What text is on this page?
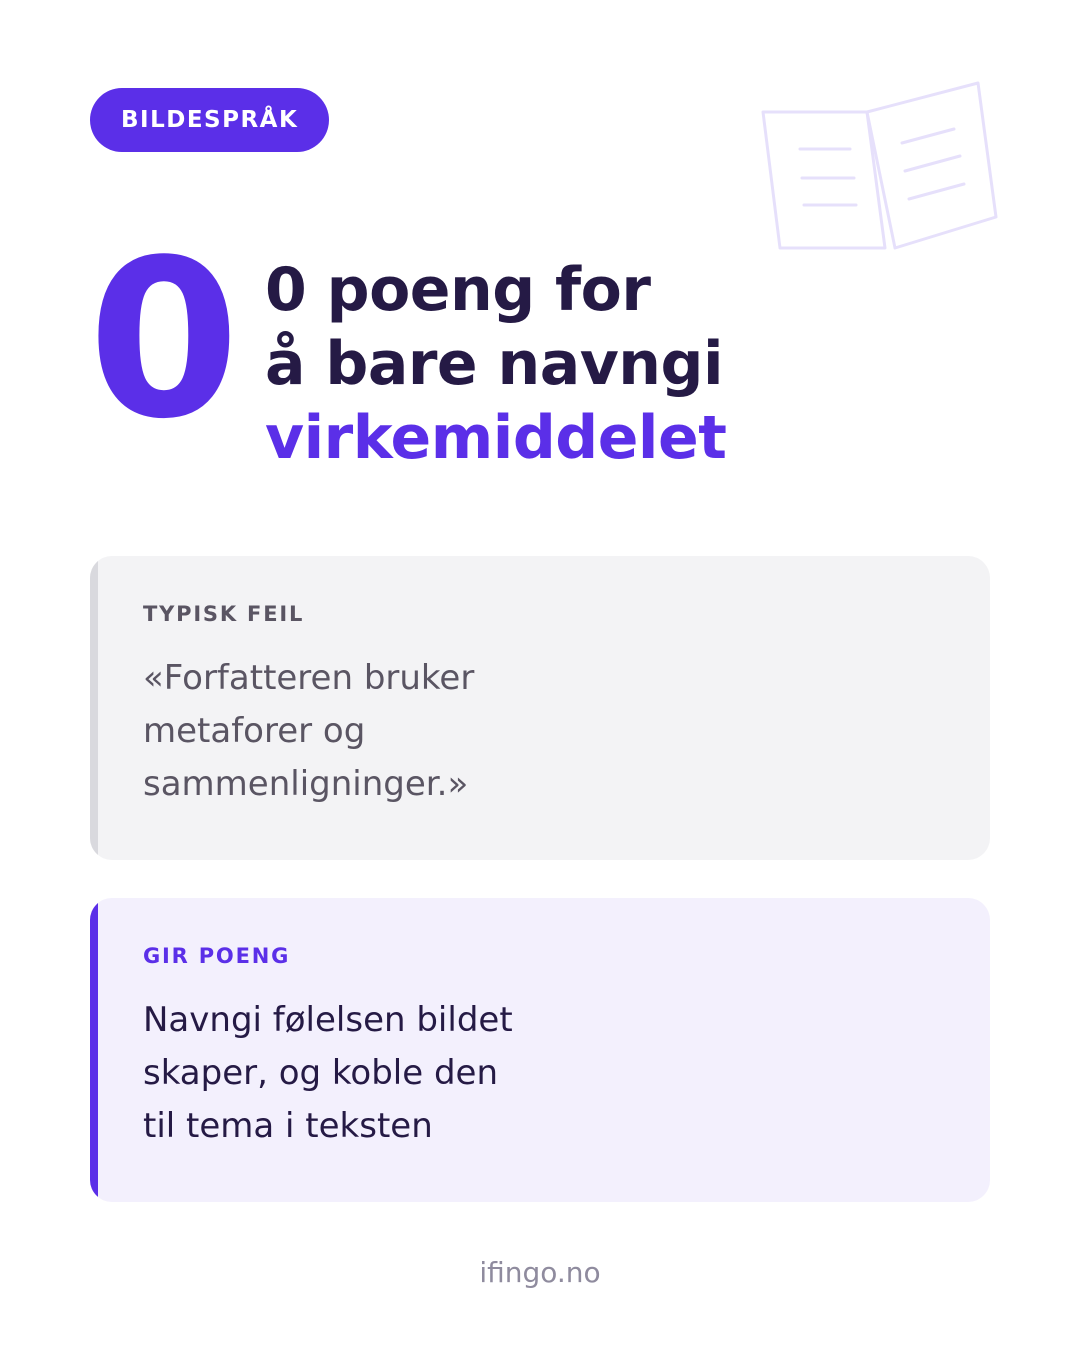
BILDESPRÅK
0 0 poeng for
å bare navngi
virkemiddelet
TYPISK FEIL
«Forfatteren bruker
metaforer og
sammenligninger.»
GIR POENG
Navngi følelsen bildet
skaper, og koble den
til tema i teksten
ifingo.no
